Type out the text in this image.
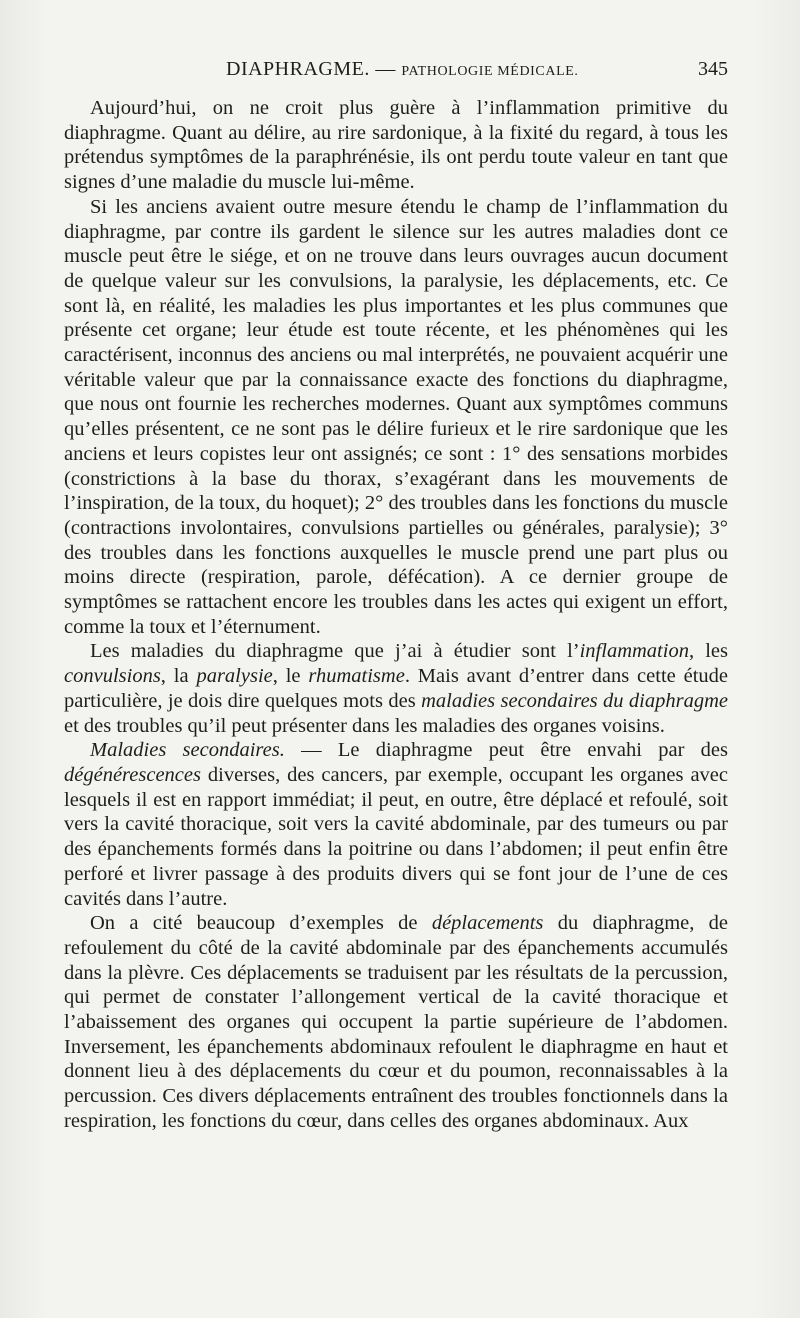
DIAPHRAGME. — PATHOLOGIE MÉDICALE.	345

Aujourd’hui, on ne croit plus guère à l’inflammation primitive du diaphragme. Quant au délire, au rire sardonique, à la fixité du regard, à tous les prétendus symptômes de la paraphrénésie, ils ont perdu toute valeur en tant que signes d’une maladie du muscle lui-même.

Si les anciens avaient outre mesure étendu le champ de l’inflammation du diaphragme, par contre ils gardent le silence sur les autres maladies dont ce muscle peut être le siége, et on ne trouve dans leurs ouvrages aucun document de quelque valeur sur les convulsions, la paralysie, les déplacements, etc. Ce sont là, en réalité, les maladies les plus importantes et les plus communes que présente cet organe; leur étude est toute récente, et les phénomènes qui les caractérisent, inconnus des anciens ou mal interprétés, ne pouvaient acquérir une véritable valeur que par la connaissance exacte des fonctions du diaphragme, que nous ont fournie les recherches modernes. Quant aux symptômes communs qu’elles présentent, ce ne sont pas le délire furieux et le rire sardonique que les anciens et leurs copistes leur ont assignés; ce sont : 1° des sensations morbides (constrictions à la base du thorax, s’exagérant dans les mouvements de l’inspiration, de la toux, du hoquet); 2° des troubles dans les fonctions du muscle (contractions involontaires, convulsions partielles ou générales, paralysie); 3° des troubles dans les fonctions auxquelles le muscle prend une part plus ou moins directe (respiration, parole, défécation). A ce dernier groupe de symptômes se rattachent encore les troubles dans les actes qui exigent un effort, comme la toux et l’éternument.

Les maladies du diaphragme que j’ai à étudier sont l’inflammation, les convulsions, la paralysie, le rhumatisme. Mais avant d’entrer dans cette étude particulière, je dois dire quelques mots des maladies secondaires du diaphragme et des troubles qu’il peut présenter dans les maladies des organes voisins.

Maladies secondaires. — Le diaphragme peut être envahi par des dégénérescences diverses, des cancers, par exemple, occupant les organes avec lesquels il est en rapport immédiat; il peut, en outre, être déplacé et refoulé, soit vers la cavité thoracique, soit vers la cavité abdominale, par des tumeurs ou par des épanchements formés dans la poitrine ou dans l’abdomen; il peut enfin être perforé et livrer passage à des produits divers qui se font jour de l’une de ces cavités dans l’autre.

On a cité beaucoup d’exemples de déplacements du diaphragme, de refoulement du côté de la cavité abdominale par des épanchements accumulés dans la plèvre. Ces déplacements se traduisent par les résultats de la percussion, qui permet de constater l’allongement vertical de la cavité thoracique et l’abaissement des organes qui occupent la partie supérieure de l’abdomen. Inversement, les épanchements abdominaux refoulent le diaphragme en haut et donnent lieu à des déplacements du cœur et du poumon, reconnaissables à la percussion. Ces divers déplacements entraînent des troubles fonctionnels dans la respiration, les fonctions du cœur, dans celles des organes abdominaux. Aux
